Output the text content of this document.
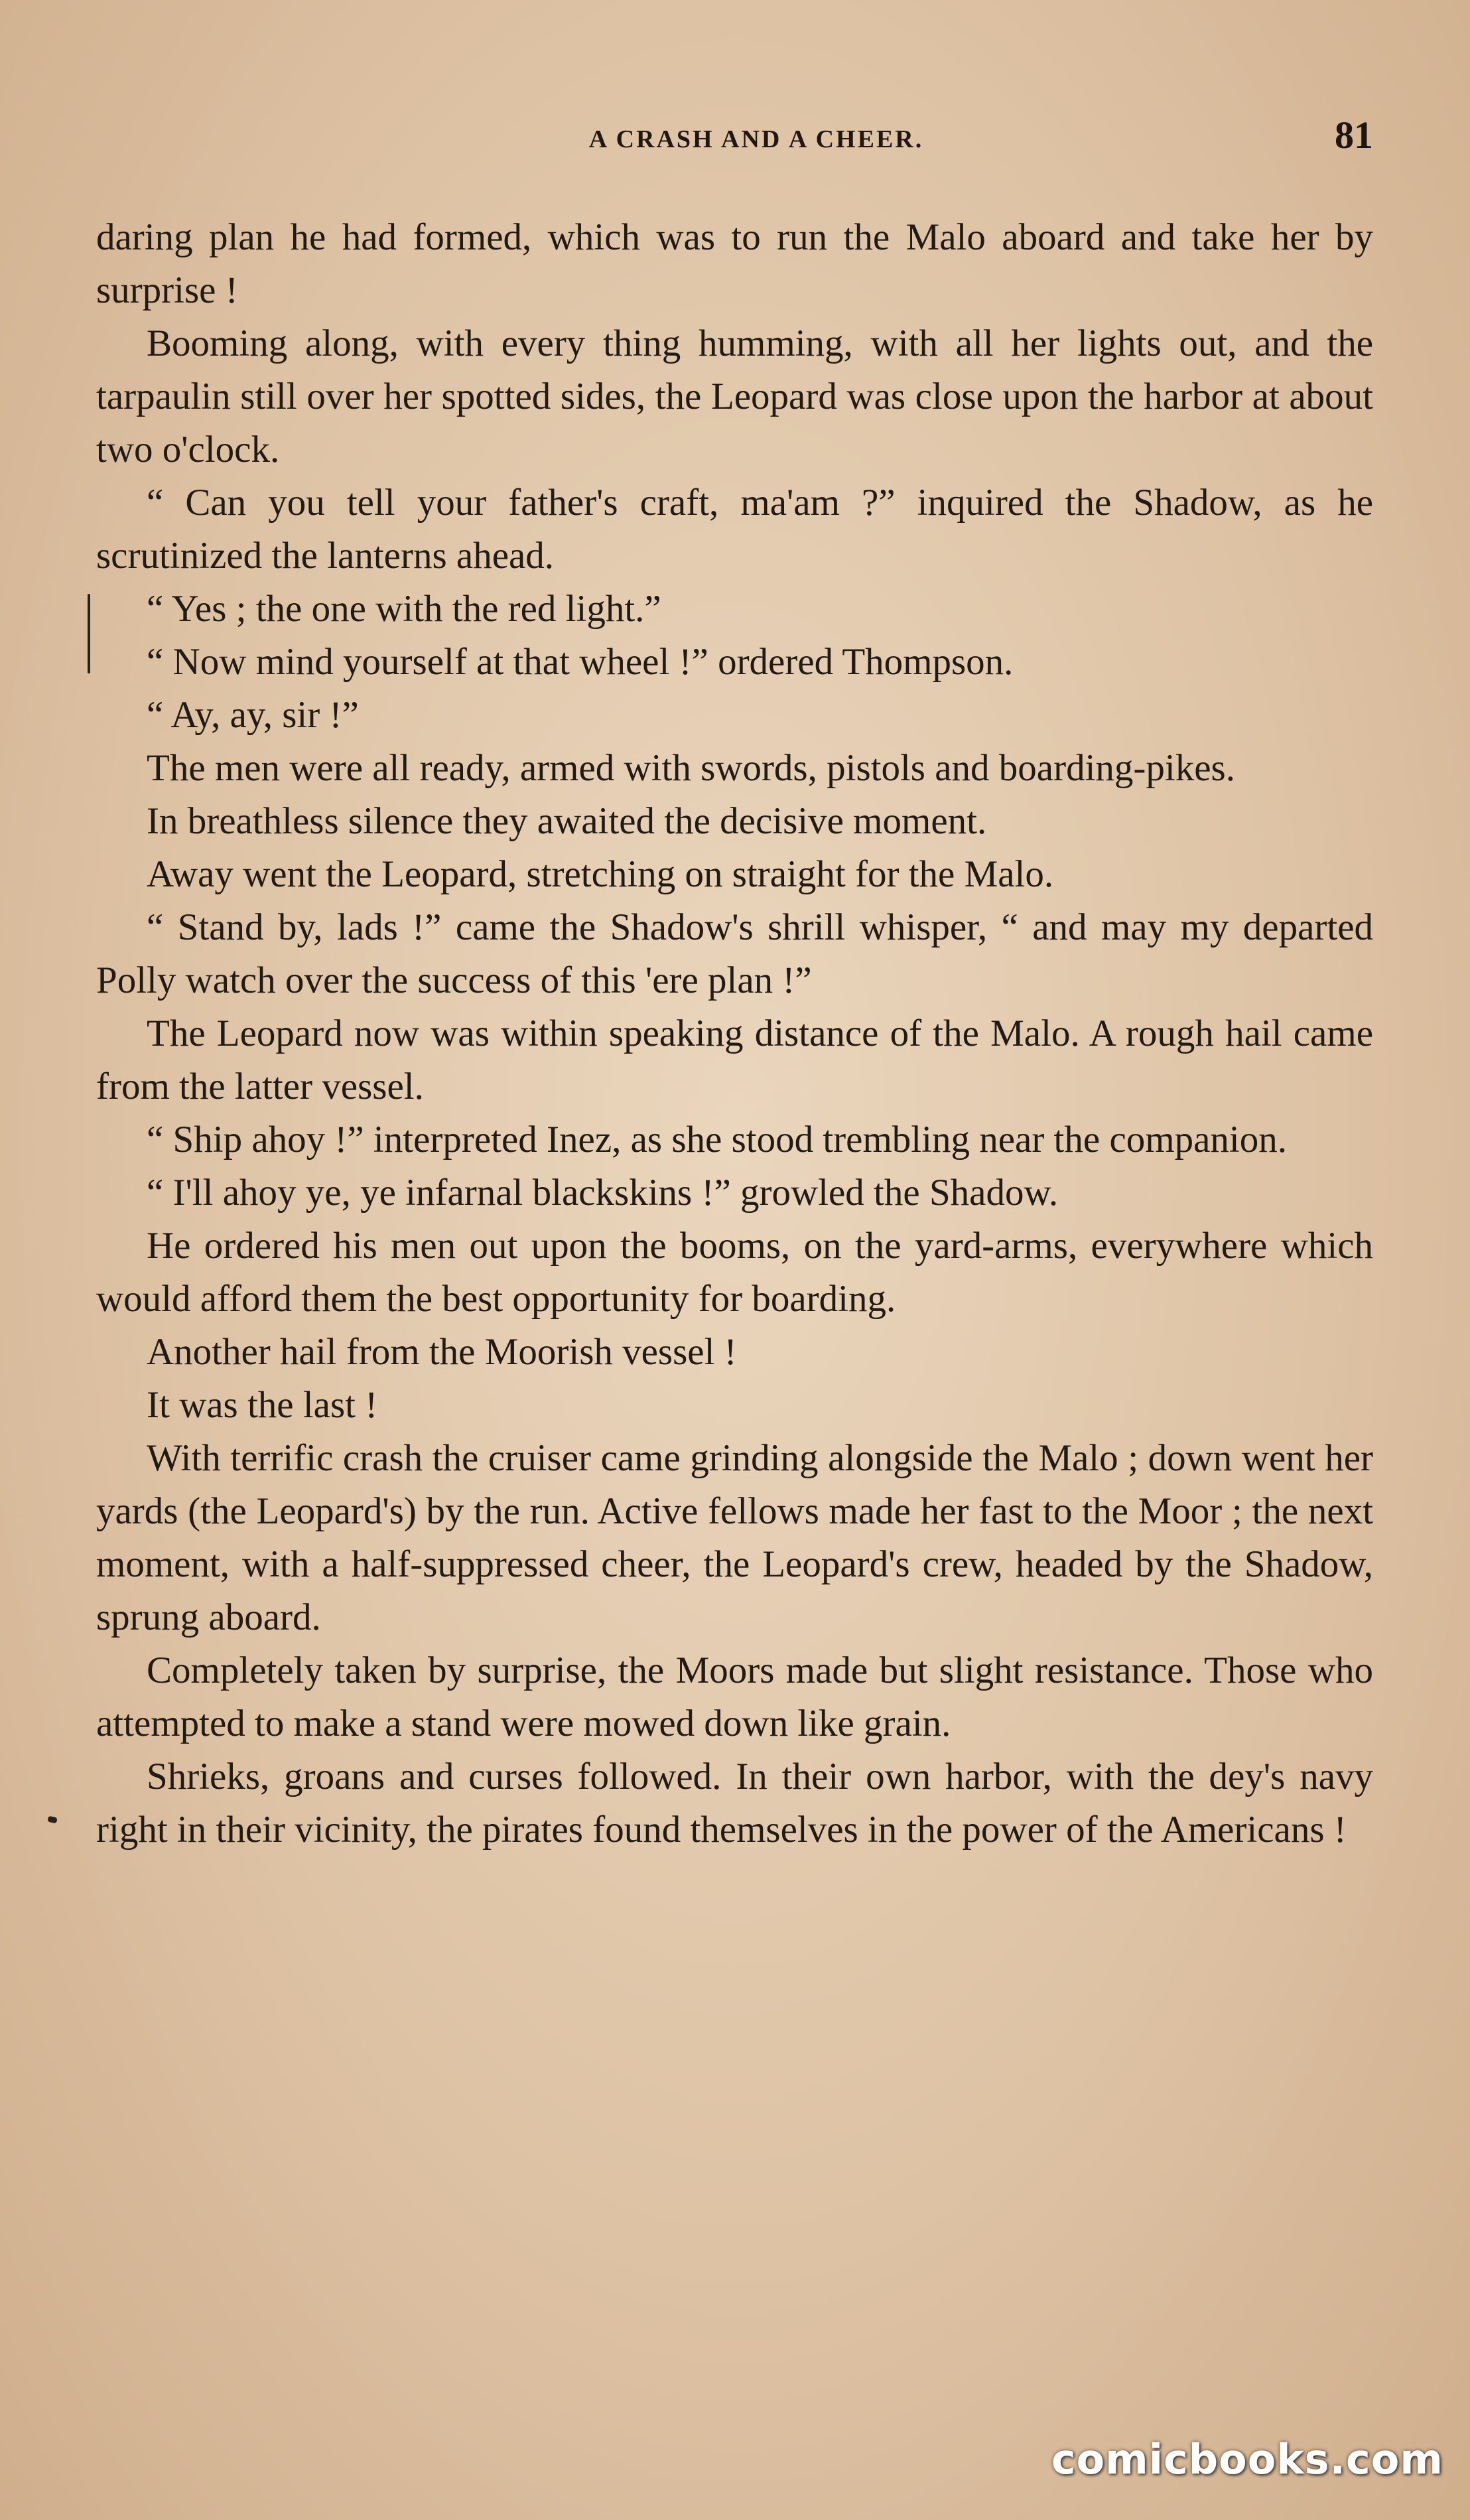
A CRASH AND A CHEER.	81

daring plan he had formed, which was to run the Malo aboard and take her by surprise !

Booming along, with every thing humming, with all her lights out, and the tarpaulin still over her spotted sides, the Leopard was close upon the harbor at about two o'clock.

“ Can you tell your father's craft, ma'am ?” inquired the Shadow, as he scrutinized the lanterns ahead.

“ Yes ; the one with the red light.”

“ Now mind yourself at that wheel !” ordered Thompson.

“ Ay, ay, sir !”

The men were all ready, armed with swords, pistols and boarding-pikes.

In breathless silence they awaited the decisive moment.

Away went the Leopard, stretching on straight for the Malo.

“ Stand by, lads !” came the Shadow's shrill whisper, “ and may my departed Polly watch over the success of this 'ere plan !”

The Leopard now was within speaking distance of the Malo. A rough hail came from the latter vessel.

“ Ship ahoy !” interpreted Inez, as she stood trembling near the companion.

“ I'll ahoy ye, ye infarnal blackskins !” growled the Shadow.

He ordered his men out upon the booms, on the yard-arms, everywhere which would afford them the best opportunity for boarding.

Another hail from the Moorish vessel !

It was the last !

With terrific crash the cruiser came grinding alongside the Malo ; down went her yards (the Leopard's) by the run. Active fellows made her fast to the Moor ; the next moment, with a half-suppressed cheer, the Leopard's crew, headed by the Shadow, sprung aboard.

Completely taken by surprise, the Moors made but slight resistance. Those who attempted to make a stand were mowed down like grain.

Shrieks, groans and curses followed. In their own harbor, with the dey's navy right in their vicinity, the pirates found themselves in the power of the Americans !

comicbooks.com
